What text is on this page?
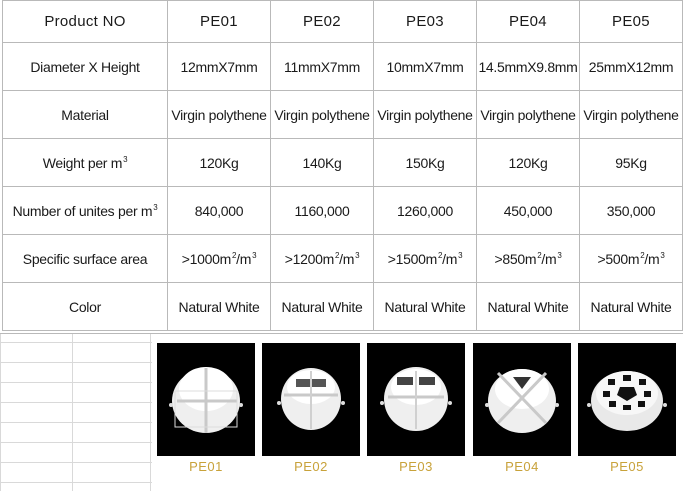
Product NO	PE01	PE02	PE03	PE04	PE05
Diameter X Height	12mmX7mm	11mmX7mm	10mmX7mm	14.5mmX9.8mm	25mmX12mm
Material	Virgin polythene	Virgin polythene	Virgin polythene	Virgin polythene	Virgin polythene
Weight per $m^3$	120Kg	140Kg	150Kg	120Kg	95Kg
Number of unites per $m^3$	840,000	1160,000	1260,000	450,000	350,000
Specific surface area	$>1000m^2/m^3$	$>1200m^2/m^3$	$>1500m^2/m^3$	$>850m^2/m^3$	$>500m^2/m^3$
Color	Natural White	Natural White	Natural White	Natural White	Natural White
PE01	PE02	PE03	PE04	PE05
